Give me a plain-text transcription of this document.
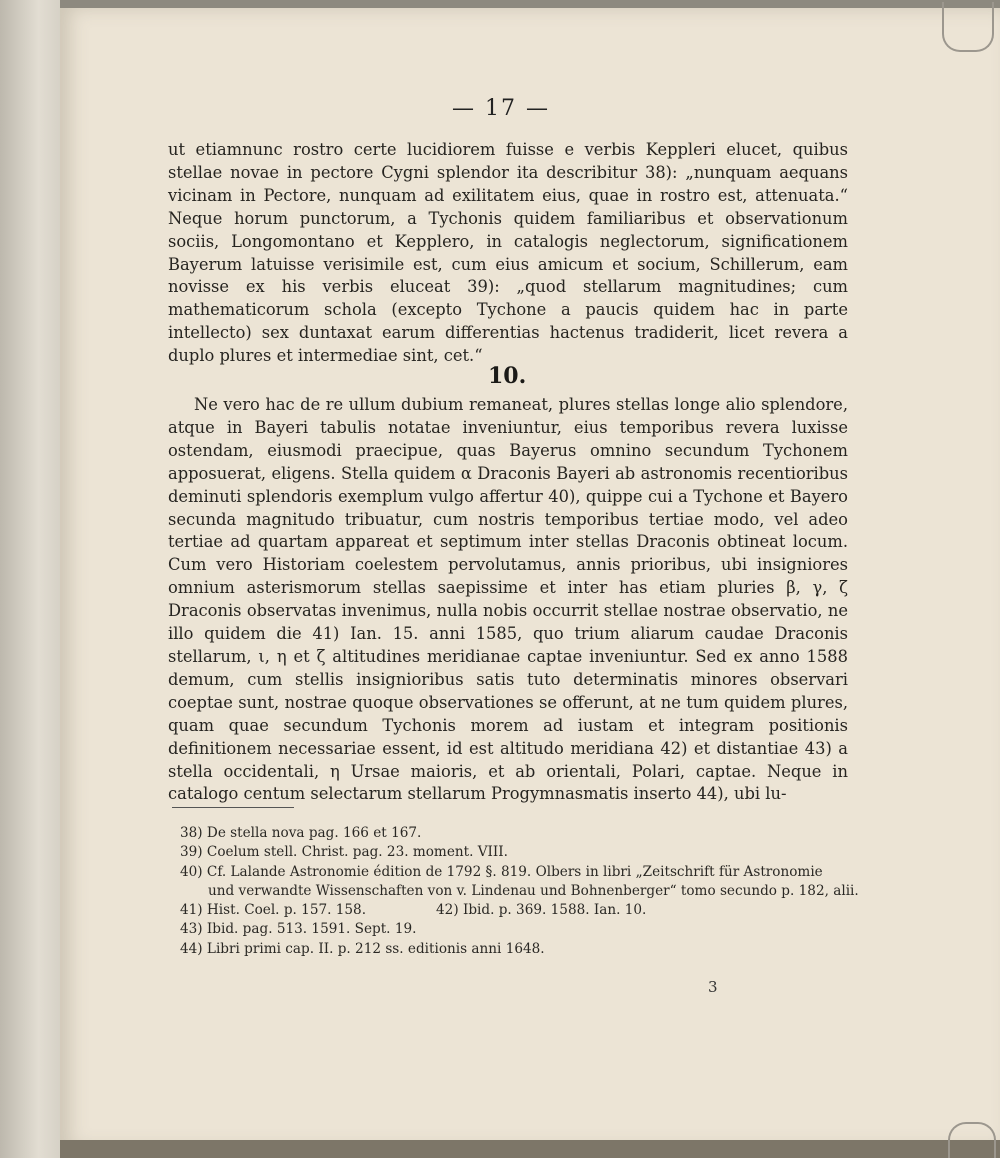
— 17 —

ut etiamnunc rostro certe lucidiorem fuisse e verbis Keppleri elucet, quibus stellae novae in pectore Cygni splendor ita describitur 38): „nunquam aequans vicinam in Pectore, nunquam ad exilitatem eius, quae in rostro est, attenuata.“ Neque horum punctorum, a Tychonis quidem familiaribus et observationum sociis, Longomontano et Kepplero, in catalogis neglectorum, significationem Bayerum latuisse verisimile est, cum eius amicum et socium, Schillerum, eam novisse ex his verbis eluceat 39): „quod stellarum magnitudines; cum mathematicorum schola (excepto Tychone a paucis quidem hac in parte intellecto) sex duntaxat earum differentias hactenus tradiderit, licet revera a duplo plures et intermediae sint, cet.“

10.

Ne vero hac de re ullum dubium remaneat, plures stellas longe alio splendore, atque in Bayeri tabulis notatae inveniuntur, eius temporibus revera luxisse ostendam, eiusmodi praecipue, quas Bayerus omnino secundum Tychonem apposuerat, eligens. Stella quidem α Draconis Bayeri ab astronomis recentioribus deminuti splendoris exemplum vulgo affertur 40), quippe cui a Tychone et Bayero secunda magnitudo tribuatur, cum nostris temporibus tertiae modo, vel adeo tertiae ad quartam appareat et septimum inter stellas Draconis obtineat locum. Cum vero Historiam coelestem pervolutamus, annis prioribus, ubi insigniores omnium asterismorum stellas saepissime et inter has etiam pluries β, γ, ζ Draconis observatas invenimus, nulla nobis occurrit stellae nostrae observatio, ne illo quidem die 41) Ian. 15. anni 1585, quo trium aliarum caudae Draconis stellarum, ι, η et ζ altitudines meridianae captae inveniuntur. Sed ex anno 1588 demum, cum stellis insignioribus satis tuto determinatis minores observari coeptae sunt, nostrae quoque observationes se offerunt, at ne tum quidem plures, quam quae secundum Tychonis morem ad iustam et integram positionis definitionem necessariae essent, id est altitudo meridiana 42) et distantiae 43) a stella occidentali, η Ursae maioris, et ab orientali, Polari, captae. Neque in catalogo centum selectarum stellarum Progymnasmatis inserto 44), ubi lu-

38) De stella nova pag. 166 et 167.
39) Coelum stell. Christ. pag. 23. moment. VIII.
40) Cf. Lalande Astronomie édition de 1792 §. 819. Olbers in libri „Zeitschrift für Astronomie
und verwandte Wissenschaften von v. Lindenau und Bohnenberger“ tomo secundo p. 182, alii.
41) Hist. Coel. p. 157. 158.	42) Ibid. p. 369. 1588. Ian. 10.
43) Ibid. pag. 513. 1591. Sept. 19.
44) Libri primi cap. II. p. 212 ss. editionis anni 1648.
3
